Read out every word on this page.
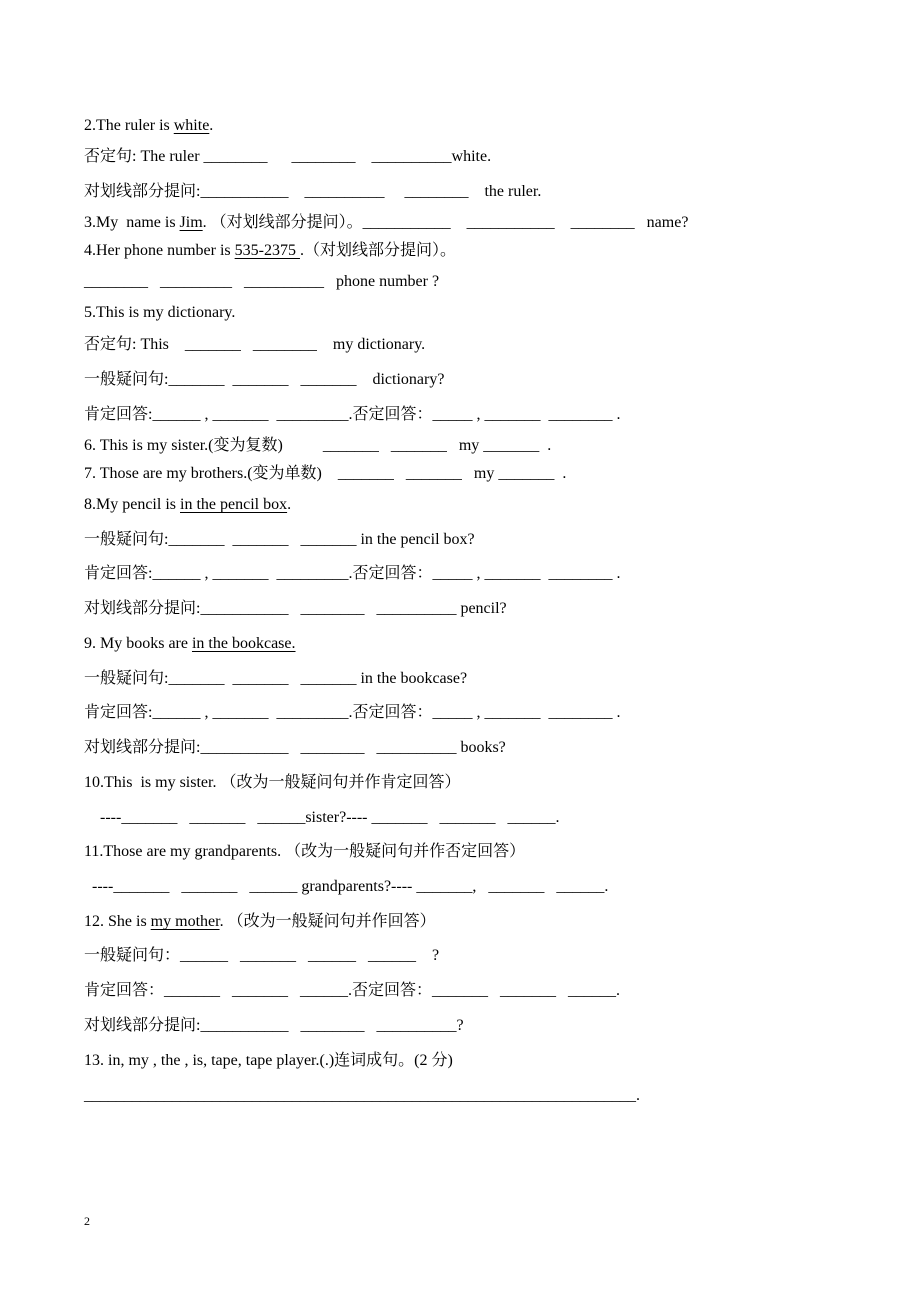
2.The ruler is white.
否定句: The ruler ________      ________    __________white.
对划线部分提问:___________    __________     ________    the ruler.
3.My  name is Jim. （对划线部分提问）。___________    ___________    ________   name?
4.Her phone number is 535-2375 .（对划线部分提问）。
________   _________   __________   phone number ?
5.This is my dictionary.
否定句: This    _______   ________    my dictionary.
一般疑问句:_______  _______   _______    dictionary?
肯定回答:______ , _______  _________.否定回答：_____ , _______  ________ .
6. This is my sister.(变为复数)          _______   _______   my _______  .
7. Those are my brothers.(变为单数)    _______   _______   my _______  .
8.My pencil is in the pencil box.
一般疑问句:_______  _______   _______ in the pencil box?
肯定回答:______ , _______  _________.否定回答：_____ , _______  ________ .
对划线部分提问:___________   ________   __________ pencil?
9. My books are in the bookcase.
一般疑问句:_______  _______   _______ in the bookcase?
肯定回答:______ , _______  _________.否定回答：_____ , _______  ________ .
对划线部分提问:___________   ________   __________ books?
10.This  is my sister. （改为一般疑问句并作肯定回答）
----_______   _______   ______sister?---- _______   _______   ______.
11.Those are my grandparents. （改为一般疑问句并作否定回答）
----_______   _______   ______ grandparents?---- _______,   _______   ______.
12. She is my mother. （改为一般疑问句并作回答）
一般疑问句：______   _______   ______   ______    ?
肯定回答：_______   _______   ______.否定回答：_______   _______   ______.
对划线部分提问:___________   ________   __________?
13. in, my , the , is, tape, tape player.(.)连词成句。(2 分)
_____________________________________________________________________.
2
